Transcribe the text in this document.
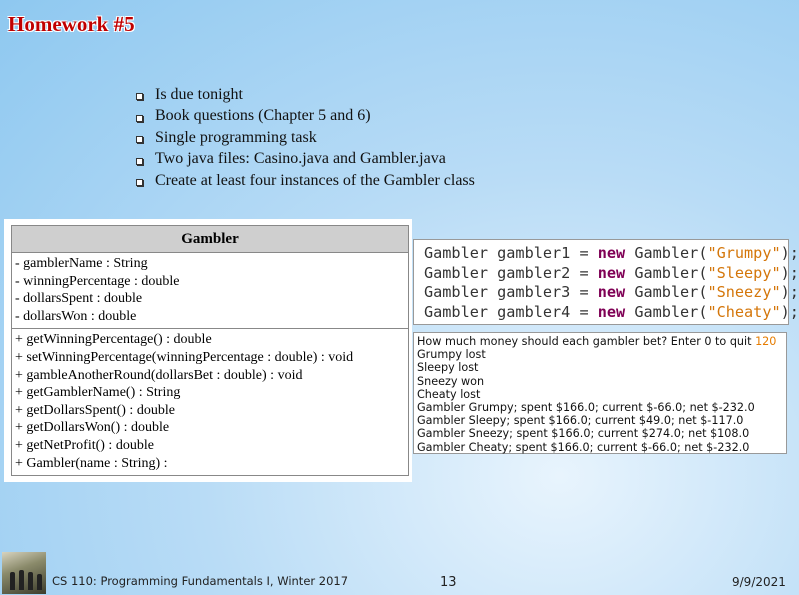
Homework #5
Is due tonight
Book questions (Chapter 5 and 6)
Single programming task
Two java files: Casino.java and Gambler.java
Create at least four instances of the Gambler class
Gambler
- gamblerName : String
- winningPercentage : double
- dollarsSpent : double
- dollarsWon : double
+ getWinningPercentage() : double
+ setWinningPercentage(winningPercentage : double) : void
+ gambleAnotherRound(dollarsBet : double) : void
+ getGamblerName() : String
+ getDollarsSpent() : double
+ getDollarsWon() : double
+ getNetProfit() : double
+ Gambler(name : String) :
Gambler gambler1 = new Gambler("Grumpy");
Gambler gambler2 = new Gambler("Sleepy");
Gambler gambler3 = new Gambler("Sneezy");
Gambler gambler4 = new Gambler("Cheaty");
How much money should each gambler bet? Enter 0 to quit 120
Grumpy lost
Sleepy lost
Sneezy won
Cheaty lost
Gambler Grumpy; spent $166.0; current $-66.0; net $-232.0
Gambler Sleepy; spent $166.0; current $49.0; net $-117.0
Gambler Sneezy; spent $166.0; current $274.0; net $108.0
Gambler Cheaty; spent $166.0; current $-66.0; net $-232.0
CS 110: Programming Fundamentals I, Winter 2017	13	9/9/2021
